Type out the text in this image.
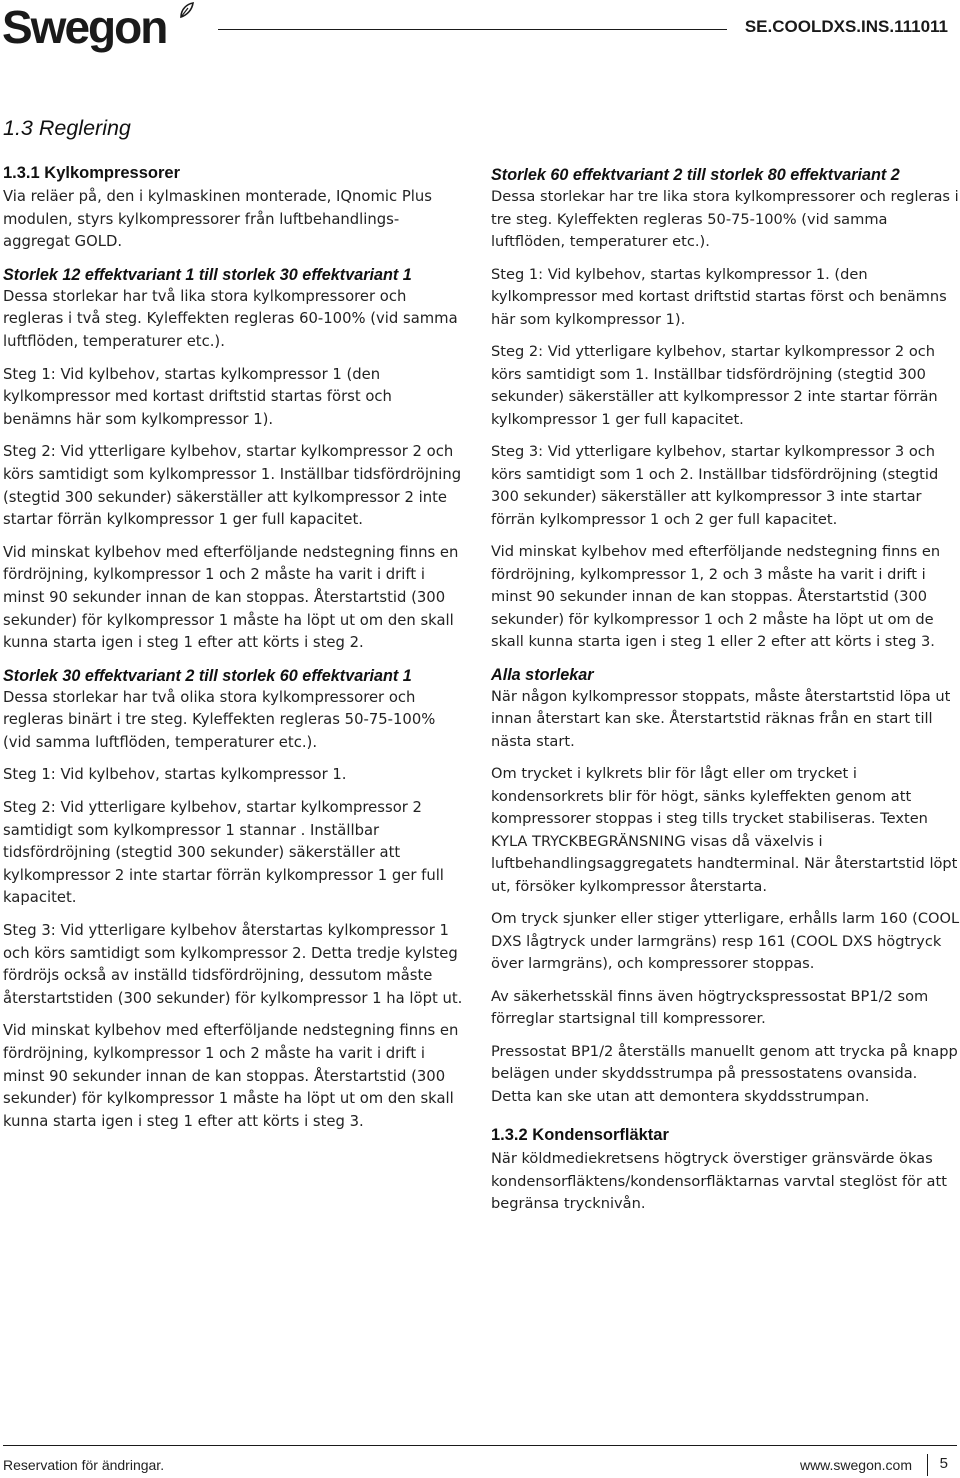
Swegon	SE.COOLDXS.INS.111011
1.3 Reglering
1.3.1 Kylkompressorer

Via reläer på, den i kylmaskinen monterade, IQnomic Plus modulen, styrs kylkompressorer från luftbehandlings-aggregat GOLD.

Storlek 12 effektvariant 1 till storlek 30 effektvariant 1

Dessa storlekar har två lika stora kylkompressorer och regleras i två steg. Kyleffekten regleras 60-100% (vid samma luftflöden, temperaturer etc.).

Steg 1: Vid kylbehov, startas kylkompressor 1 (den kylkompressor med kortast driftstid startas först och benämns här som kylkompressor 1).

Steg 2: Vid ytterligare kylbehov, startar kylkompressor 2 och körs samtidigt som kylkompressor 1. Inställbar tidsfördröjning (stegtid 300 sekunder) säkerställer att kylkompressor 2 inte startar förrän kylkompressor 1 ger full kapacitet.

Vid minskat kylbehov med efterföljande nedstegning finns en fördröjning, kylkompressor 1 och 2 måste ha varit i drift i minst 90 sekunder innan de kan stoppas. Återstartstid (300 sekunder) för kylkompressor 1 måste ha löpt ut om den skall kunna starta igen i steg 1 efter att körts i steg 2.

Storlek 30 effektvariant 2 till storlek 60 effektvariant 1

Dessa storlekar har två olika stora kylkompressorer och regleras binärt i tre steg. Kyleffekten regleras 50-75-100% (vid samma luftflöden, temperaturer etc.).

Steg 1: Vid kylbehov, startas kylkompressor 1.

Steg 2: Vid ytterligare kylbehov, startar kylkompressor 2 samtidigt som kylkompressor 1 stannar . Inställbar tidsfördröjning (stegtid 300 sekunder) säkerställer att kylkompressor 2 inte startar förrän kylkompressor 1 ger full kapacitet.

Steg 3: Vid ytterligare kylbehov återstartas kylkompressor 1 och körs samtidigt som kylkompressor 2. Detta tredje kylsteg fördröjs också av inställd tidsfördröjning, dessutom måste återstartstiden (300 sekunder) för kylkompressor 1 ha löpt ut.

Vid minskat kylbehov med efterföljande nedstegning finns en fördröjning, kylkompressor 1 och 2 måste ha varit i drift i minst 90 sekunder innan de kan stoppas. Återstartstid (300 sekunder) för kylkompressor 1 måste ha löpt ut om den skall kunna starta igen i steg 1 efter att körts i steg 3.

Storlek 60 effektvariant 2 till storlek 80 effektvariant 2

Dessa storlekar har tre lika stora kylkompressorer och regleras i tre steg. Kyleffekten regleras 50-75-100% (vid samma luftflöden, temperaturer etc.).

Steg 1: Vid kylbehov, startas kylkompressor 1. (den kylkompressor med kortast driftstid startas först och benämns här som kylkompressor 1).

Steg 2: Vid ytterligare kylbehov, startar kylkompressor 2 och körs samtidigt som 1. Inställbar tidsfördröjning (stegtid 300 sekunder) säkerställer att kylkompressor 2 inte startar förrän kylkompressor 1 ger full kapacitet.

Steg 3: Vid ytterligare kylbehov, startar kylkompressor 3 och körs samtidigt som 1 och 2. Inställbar tidsfördröjning (stegtid 300 sekunder) säkerställer att kylkompressor 3 inte startar förrän kylkompressor 1 och 2 ger full kapacitet.

Vid minskat kylbehov med efterföljande nedstegning finns en fördröjning, kylkompressor 1, 2 och 3 måste ha varit i drift i minst 90 sekunder innan de kan stoppas. Återstartstid (300 sekunder) för kylkompressor 1 och 2 måste ha löpt ut om de skall kunna starta igen i steg 1 eller 2 efter att körts i steg 3.

Alla storlekar

När någon kylkompressor stoppats, måste återstartstid löpa ut innan återstart kan ske. Återstartstid räknas från en start till nästa start.

Om trycket i kylkrets blir för lågt eller om trycket i kondensorkrets blir för högt, sänks kyleffekten genom att kompressorer stoppas i steg tills trycket stabiliseras. Texten KYLA TRYCKBEGRÄNSNING visas då växelvis i luftbehandlingsaggregatets handterminal. När återstartstid löpt ut, försöker kylkompressor återstarta.

Om tryck sjunker eller stiger ytterligare, erhålls larm 160 (COOL DXS lågtryck under larmgräns) resp 161 (COOL DXS högtryck över larmgräns), och kompressorer stoppas.

Av säkerhetsskäl finns även högtryckspressostat BP1/2 som förreglar startsignal till kompressorer.

Pressostat BP1/2 återställs manuellt genom att trycka på knapp belägen under skyddsstrumpa på pressostatens ovansida. Detta kan ske utan att demontera skyddsstrumpan.

1.3.2 Kondensorfläktar

När köldmediekretsens högtryck överstiger gränsvärde ökas kondensorfläktens/kondensorfläktarnas varvtal steglöst för att begränsa trycknivån.

Reservation för ändringar.	www.swegon.com 5
